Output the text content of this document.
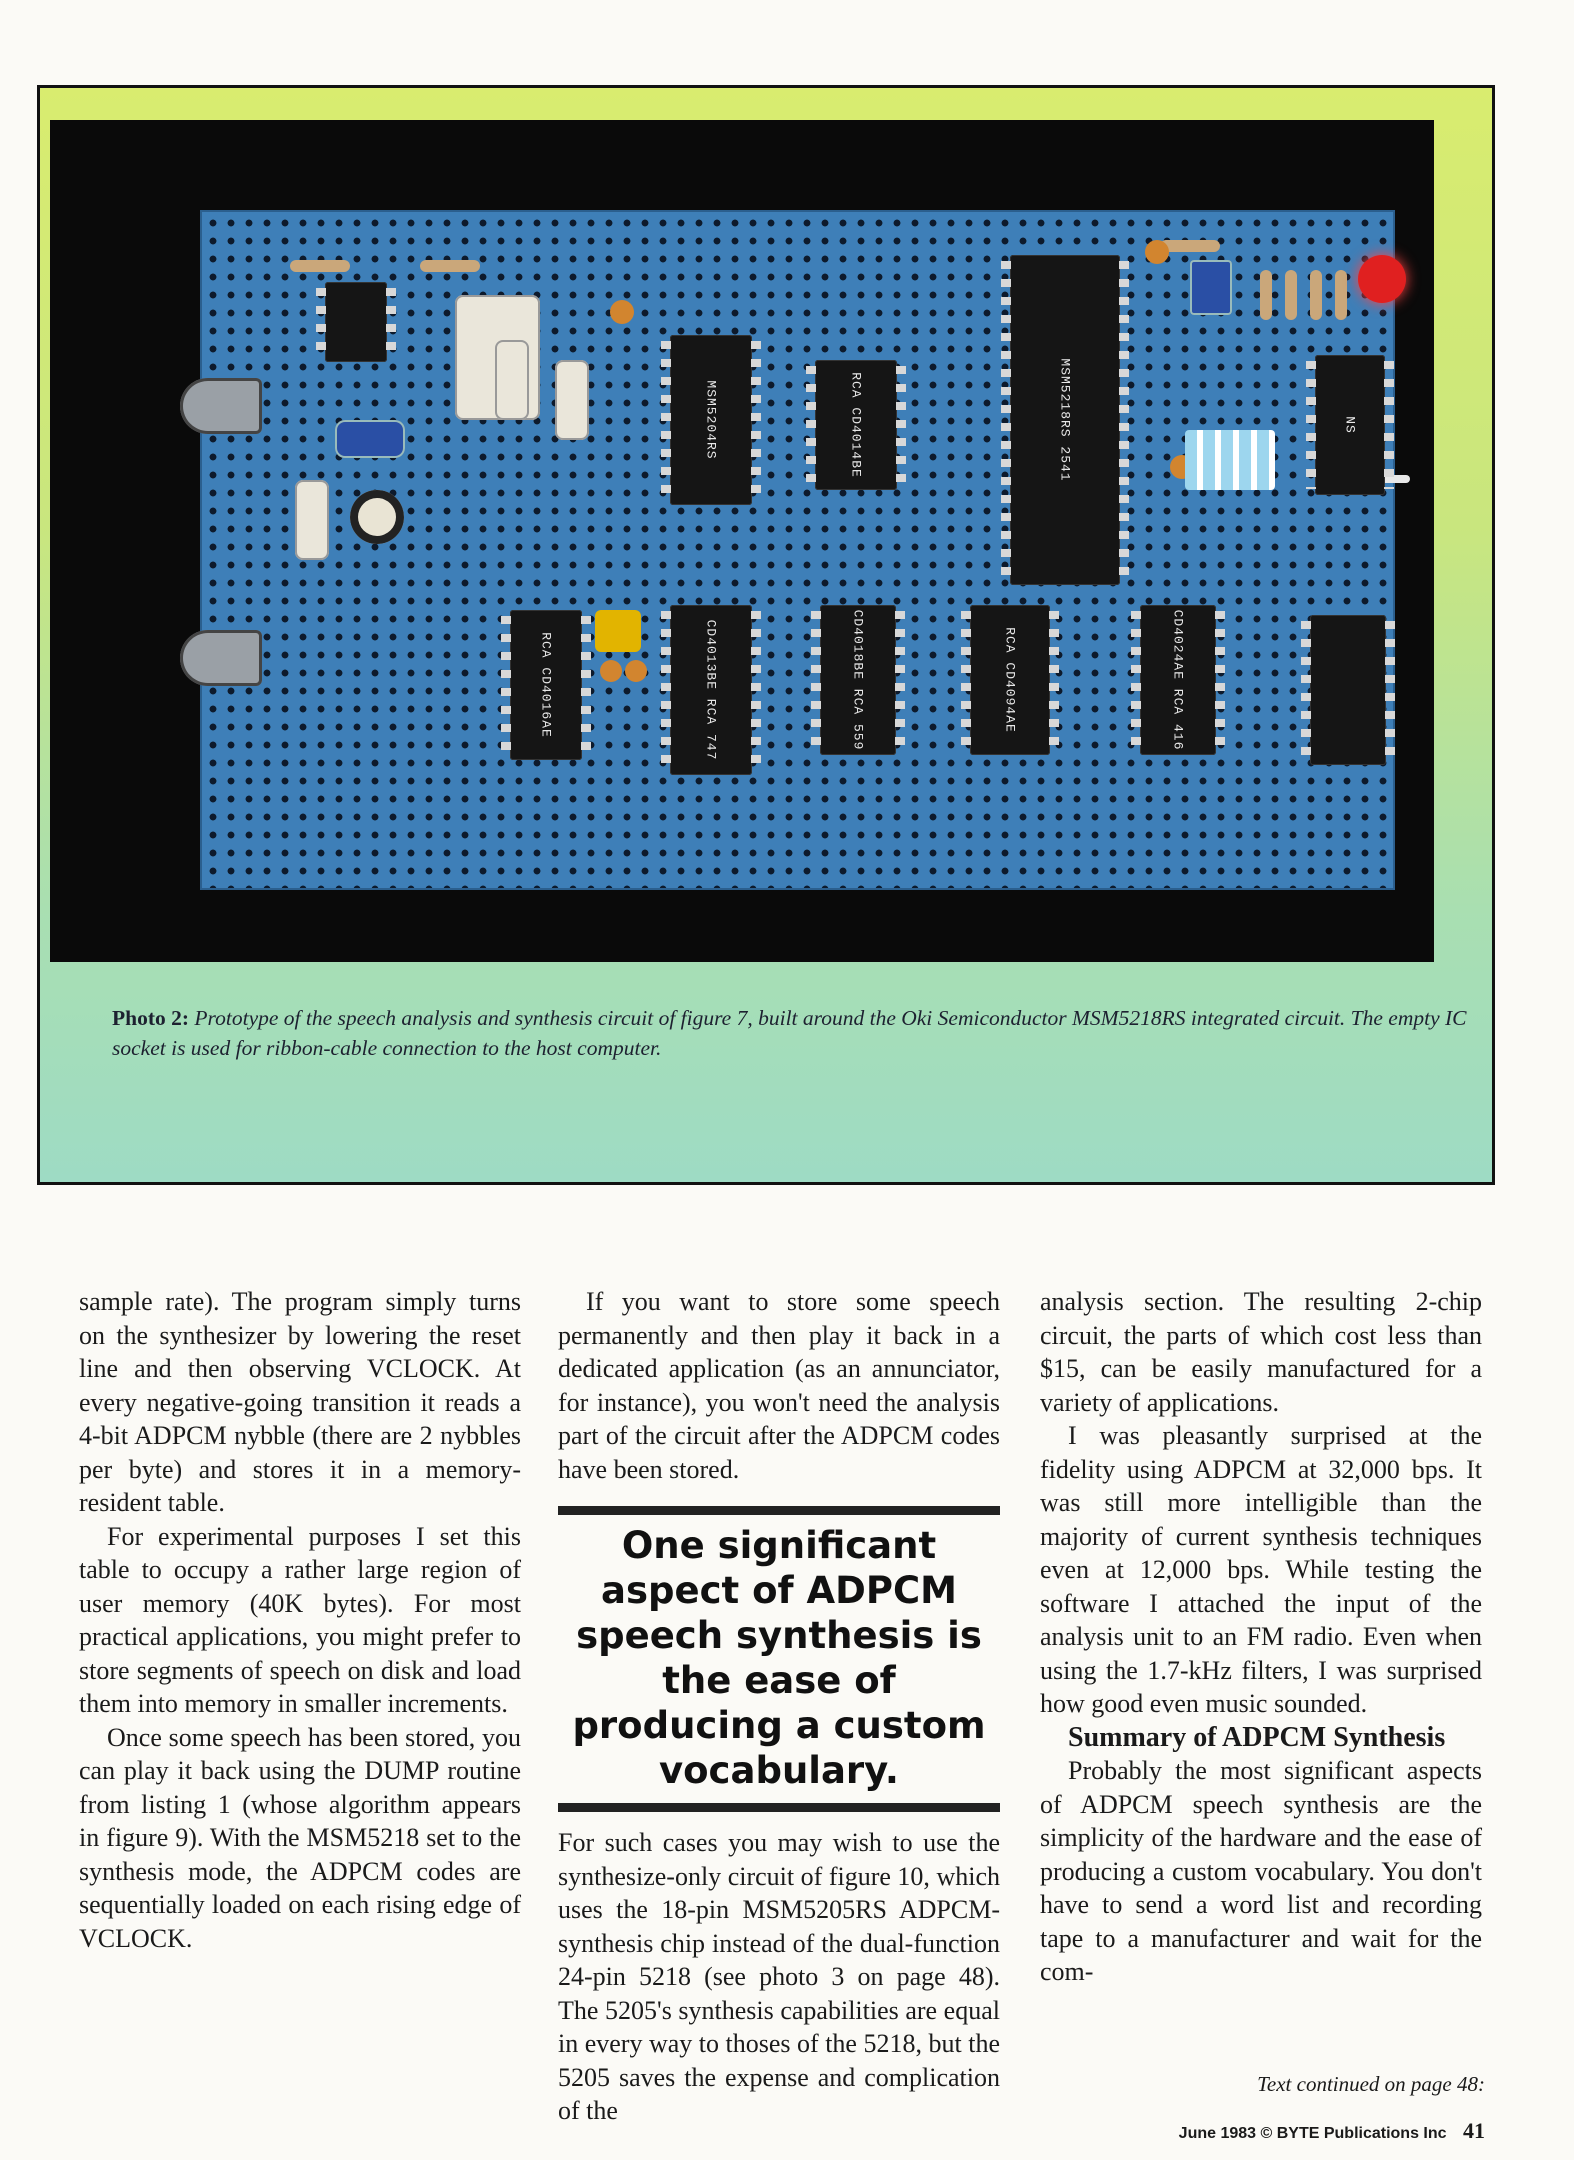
MSM5204RS	RCA CD4014BE	MSM5218RS 2541	NS
RCA CD4016AE	CD4013BE RCA 747	CD4018BE RCA 559	RCA CD4094AE	CD4024AE RCA 416
Photo 2: Prototype of the speech analysis and synthesis circuit of figure 7, built around the Oki Semiconductor MSM5218RS integrated circuit. The empty IC socket is used for ribbon-cable connection to the host computer.

sample rate). The program simply turns on the synthesizer by lowering the reset line and then observing VCLOCK. At every negative-going transition it reads a 4-bit ADPCM nybble (there are 2 nybbles per byte) and stores it in a memory-resident table.

For experimental purposes I set this table to occupy a rather large region of user memory (40K bytes). For most practical applications, you might prefer to store segments of speech on disk and load them into memory in smaller increments.

Once some speech has been stored, you can play it back using the DUMP routine from listing 1 (whose algorithm appears in figure 9). With the MSM5218 set to the synthesis mode, the ADPCM codes are sequentially loaded on each rising edge of VCLOCK.

If you want to store some speech permanently and then play it back in a dedicated application (as an annunciator, for instance), you won't need the analysis part of the circuit after the ADPCM codes have been stored.

One significant aspect of ADPCM speech synthesis is the ease of producing a custom vocabulary.

For such cases you may wish to use the synthesize-only circuit of figure 10, which uses the 18-pin MSM5205RS ADPCM-synthesis chip instead of the dual-function 24-pin 5218 (see photo 3 on page 48). The 5205's synthesis capabilities are equal in every way to thoses of the 5218, but the 5205 saves the expense and complication of the

analysis section. The resulting 2-chip circuit, the parts of which cost less than $15, can be easily manufactured for a variety of applications.

I was pleasantly surprised at the fidelity using ADPCM at 32,000 bps. It was still more intelligible than the majority of current synthesis techniques even at 12,000 bps. While testing the software I attached the input of the analysis unit to an FM radio. Even when using the 1.7-kHz filters, I was surprised how good even music sounded.

Summary of ADPCM Synthesis

Probably the most significant aspects of ADPCM speech synthesis are the simplicity of the hardware and the ease of producing a custom vocabulary. You don't have to send a word list and recording tape to a manufacturer and wait for the com-

Text continued on page 48:
June 1983 © BYTE Publications Inc 41
